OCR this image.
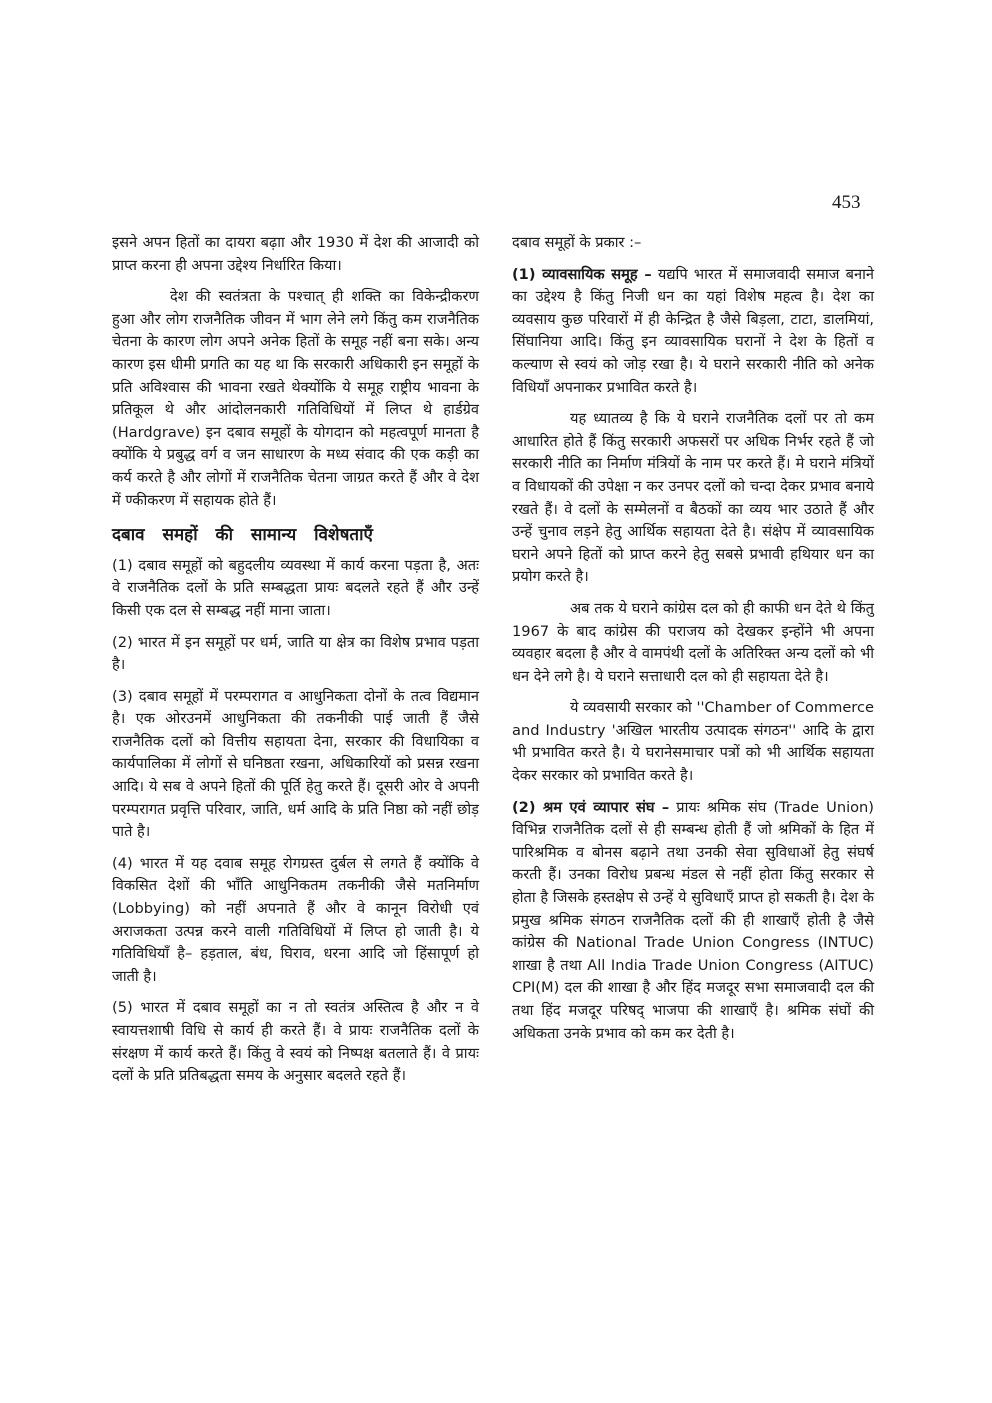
453

इसने अपन हितों का दायरा बढ़ाा और 1930 में देश की आजादी को प्राप्त करना ही अपना उद्देश्य निर्धारित किया।

देश की स्वतंत्रता के पश्चात् ही शक्ति का विकेन्द्रीकरण हुआ और लोग राजनैतिक जीवन में भाग लेने लगे किंतु कम राजनैतिक चेतना के कारण लोग अपने अनेक हितों के समूह नहीं बना सके। अन्य कारण इस धीमी प्रगति का यह था कि सरकारी अधिकारी इन समूहों के प्रति अविश्वास की भावना रखते थेक्योंकि ये समूह राष्ट्रीय भावना के प्रतिकूल थे और आंदोलनकारी गतिविधियों में लिप्त थे हार्डग्रेव (Hardgrave) इन दबाव समूहों के योगदान को महत्वपूर्ण मानता है क्योंकि ये प्रबुद्ध वर्ग व जन साधारण के मध्य संवाद की एक कड़ी का कर्य करते है और लोगों में राजनैतिक चेतना जाग्रत करते हैं और वे देश में ण्कीकरण में सहायक होते हैं।

दबाव समहों की सामान्य विशेषताएँ

(1) दबाव समूहों को बहुदलीय व्यवस्था में कार्य करना पड़ता है, अतः वे राजनैतिक दलों के प्रति सम्बद्धता प्रायः बदलते रहते हैं और उन्हें किसी एक दल से सम्बद्ध नहीं माना जाता।

(2) भारत में इन समूहों पर धर्म, जाति या क्षेत्र का विशेष प्रभाव पड़ता है।

(3) दबाव समूहों में परम्परागत व आधुनिकता दोनों के तत्व विद्यमान है। एक ओरउनमें आधुनिकता की तकनीकी पाई जाती हैं जैसे राजनैतिक दलों को वित्तीय सहायता देना, सरकार की विधायिका व कार्यपालिका में लोगों से घनिष्ठता रखना, अधिकारियों को प्रसन्न रखना आदि। ये सब वे अपने हितों की पूर्ति हेतु करते हैं। दूसरी ओर वे अपनी परम्परागत प्रवृत्ति परिवार, जाति, धर्म आदि के प्रति निष्ठा को नहीं छोड़ पाते है।

(4) भारत में यह दवाब समूह रोगग्रस्त दुर्बल से लगते हैं क्योंकि वे विकसित देशों की भाँति आधुनिकतम तकनीकी जैसे मतनिर्माण (Lobbying) को नहीं अपनाते हैं और वे कानून विरोधी एवं अराजकता उत्पन्न करने वाली गतिविधियों में लिप्त हो जाती है। ये गतिविधियाँ है– हड़ताल, बंध, घिराव, धरना आदि जो हिंसापूर्ण हो जाती है।

(5) भारत में दबाव समूहों का न तो स्वतंत्र अस्तित्व है और न वे स्वायत्तशाषी विधि से कार्य ही करते हैं। वे प्रायः राजनैतिक दलों के संरक्षण में कार्य करते हैं। किंतु वे स्वयं को निष्पक्ष बतलाते हैं। वे प्रायः दलों के प्रति प्रतिबद्धता समय के अनुसार बदलते रहते हैं।

दबाव समूहों के प्रकार :–

(1) व्यावसायिक समूह – यद्यपि भारत में समाजवादी समाज बनाने का उद्देश्य है किंतु निजी धन का यहां विशेष महत्व है। देश का व्यवसाय कुछ परिवारों में ही केन्द्रित है जैसे बिड़ला, टाटा, डालमियां, सिंघानिया आदि। किंतु इन व्यावसायिक घरानों ने देश के हितों व कल्याण से स्वयं को जोड़ रखा है। ये घराने सरकारी नीति को अनेक विधियाँ अपनाकर प्रभावित करते है।

यह ध्यातव्य है कि ये घराने राजनैतिक दलों पर तो कम आधारित होते हैं किंतु सरकारी अफसरों पर अधिक निर्भर रहते हैं जो सरकारी नीति का निर्माण मंत्रियों के नाम पर करते हैं। मे घराने मंत्रियों व विधायकों की उपेक्षा न कर उनपर दलों को चन्दा देकर प्रभाव बनाये रखते हैं। वे दलों के सम्मेलनों व बैठकों का व्यय भार उठाते हैं और उन्हें चुनाव लड़ने हेतु आर्थिक सहायता देते है। संक्षेप में व्यावसायिक घराने अपने हितों को प्राप्त करने हेतु सबसे प्रभावी हथियार धन का प्रयोग करते है।

अब तक ये घराने कांग्रेस दल को ही काफी धन देते थे किंतु 1967 के बाद कांग्रेस की पराजय को देखकर इन्होंने भी अपना व्यवहार बदला है और वे वामपंथी दलों के अतिरिक्त अन्य दलों को भी धन देने लगे है। ये घराने सत्ताधारी दल को ही सहायता देते है।

ये व्यवसायी सरकार को ''Chamber of Commerce and Industry 'अखिल भारतीय उत्पादक संगठन'' आदि के द्वारा भी प्रभावित करते है। ये घरानेसमाचार पत्रों को भी आर्थिक सहायता देकर सरकार को प्रभावित करते है।

(2) श्रम एवं व्यापार संघ – प्रायः श्रमिक संघ (Trade Union) विभिन्न राजनैतिक दलों से ही सम्बन्ध होती हैं जो श्रमिकों के हित में पारिश्रमिक व बोनस बढ़ाने तथा उनकी सेवा सुविधाओं हेतु संघर्ष करती हैं। उनका विरोध प्रबन्ध मंडल से नहीं होता किंतु सरकार से होता है जिसके हस्तक्षेप से उन्हें ये सुविधाएँ प्राप्त हो सकती है। देश के प्रमुख श्रमिक संगठन राजनैतिक दलों की ही शाखाएँ होती है जैसे कांग्रेस की National Trade Union Congress (INTUC) शाखा है तथा All India Trade Union Congress (AITUC) CPI(M) दल की शाखा है और हिंद मजदूर सभा समाजवादी दल की तथा हिंद मजदूर परिषद् भाजपा की शाखाएँ है। श्रमिक संघों की अधिकता उनके प्रभाव को कम कर देती है।
